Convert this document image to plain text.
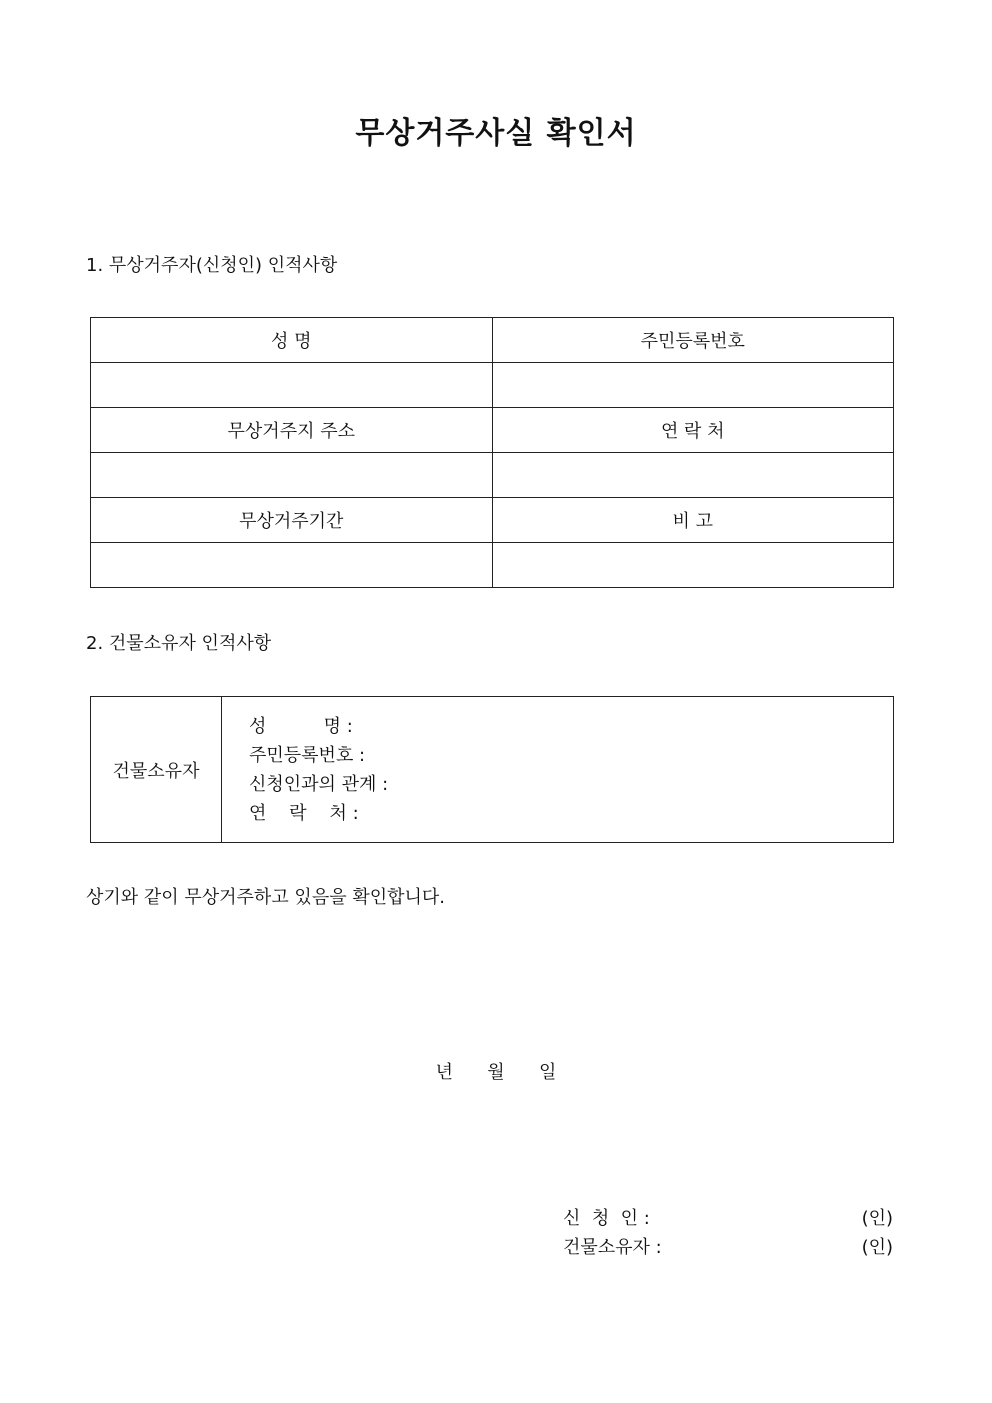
무상거주사실 확인서
1. 무상거주자(신청인) 인적사항
성 명	주민등록번호

무상거주지 주소	연 락 처

무상거주기간	비 고

2. 건물소유자 인적사항
건물소유자	
성          명 :
주민등록번호 :
신청인과의 관계 :
연    락    처 :
상기와 같이 무상거주하고 있음을 확인합니다.
년      월      일
신  청  인 :	(인)
건물소유자 :	(인)
